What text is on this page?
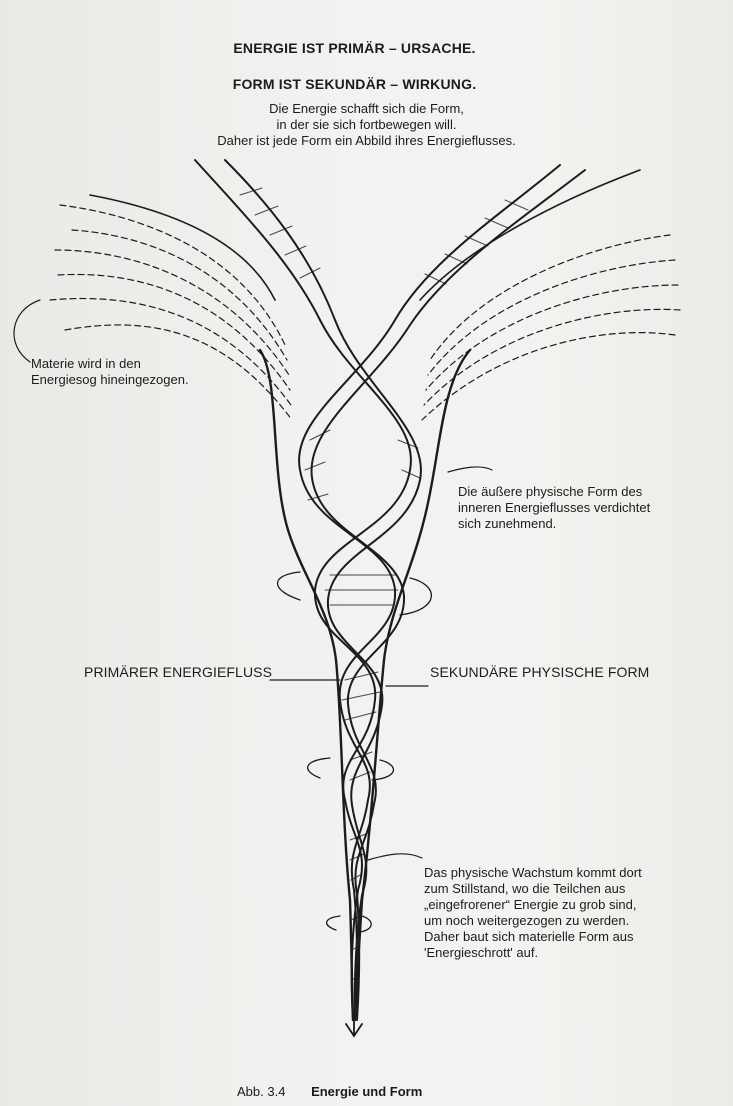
ENERGIE IST PRIMÄR – URSACHE.
FORM IST SEKUNDÄR – WIRKUNG.
Die Energie schafft sich die Form,
in der sie sich fortbewegen will.
Daher ist jede Form ein Abbild ihres Energieflusses.
Materie wird in den
Energiesog hineingezogen.
Die äußere physische Form des
inneren Energieflusses verdichtet
sich zunehmend.
PRIMÄRER ENERGIEFLUSS	SEKUNDÄRE PHYSISCHE FORM
Das physische Wachstum kommt dort
zum Stillstand, wo die Teilchen aus
„eingefrorener“ Energie zu grob sind,
um noch weitergezogen zu werden.
Daher baut sich materielle Form aus
'Energieschrott' auf.
Abb. 3.4 Energie und Form
